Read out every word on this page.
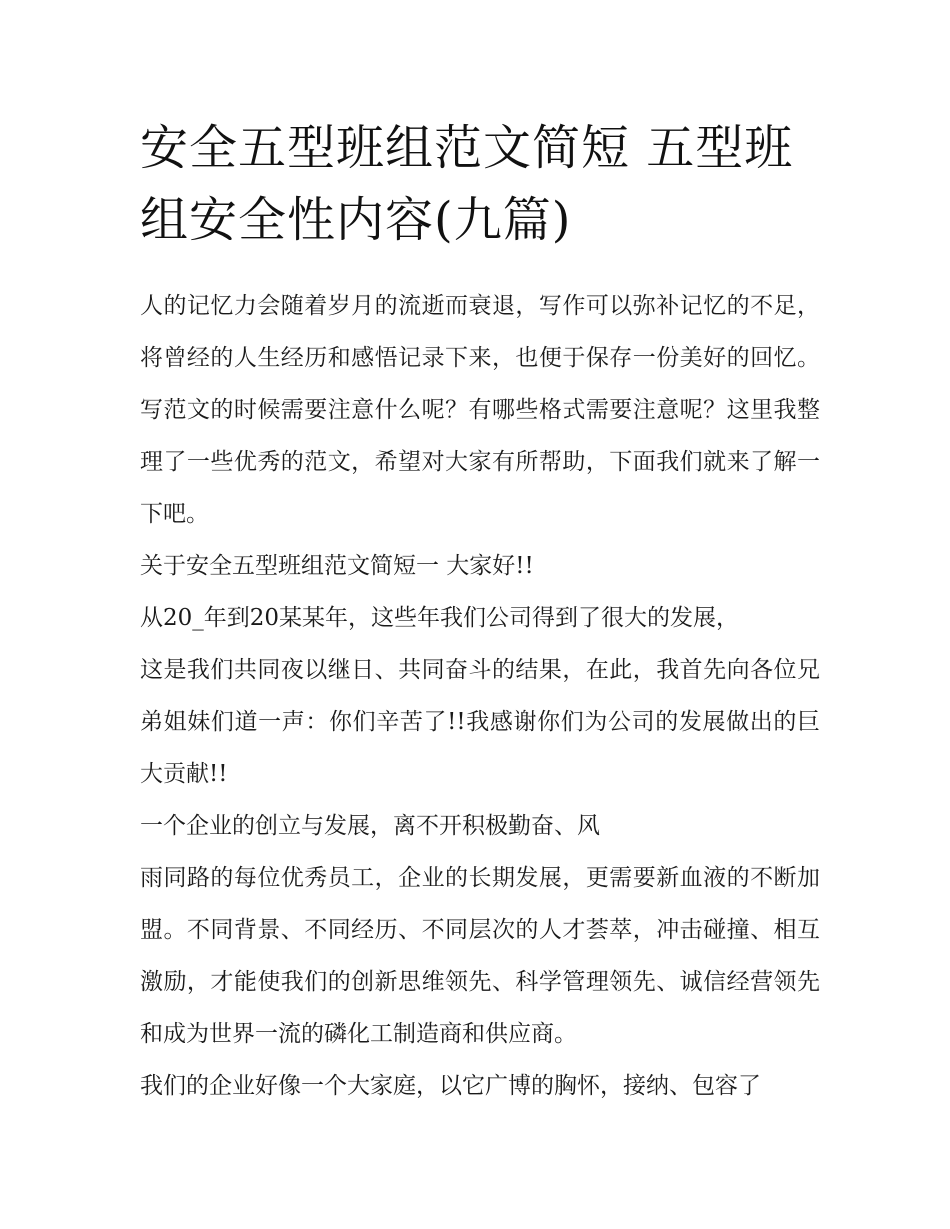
安全五型班组范文简短 五型班组安全性内容(九篇)

人的记忆力会随着岁月的流逝而衰退，写作可以弥补记忆的不足，将曾经的人生经历和感悟记录下来，也便于保存一份美好的回忆。写范文的时候需要注意什么呢？有哪些格式需要注意呢？这里我整理了一些优秀的范文，希望对大家有所帮助，下面我们就来了解一下吧。

关于安全五型班组范文简短一 大家好!!

从20_年到20某某年，这些年我们公司得到了很大的发展，

这是我们共同夜以继日、共同奋斗的结果，在此，我首先向各位兄弟姐妹们道一声：你们辛苦了!!我感谢你们为公司的发展做出的巨大贡献!!

一个企业的创立与发展，离不开积极勤奋、风

雨同路的每位优秀员工，企业的长期发展，更需要新血液的不断加盟。不同背景、不同经历、不同层次的人才荟萃，冲击碰撞、相互激励，才能使我们的创新思维领先、科学管理领先、诚信经营领先和成为世界一流的磷化工制造商和供应商。

我们的企业好像一个大家庭，以它广博的胸怀，接纳、包容了
